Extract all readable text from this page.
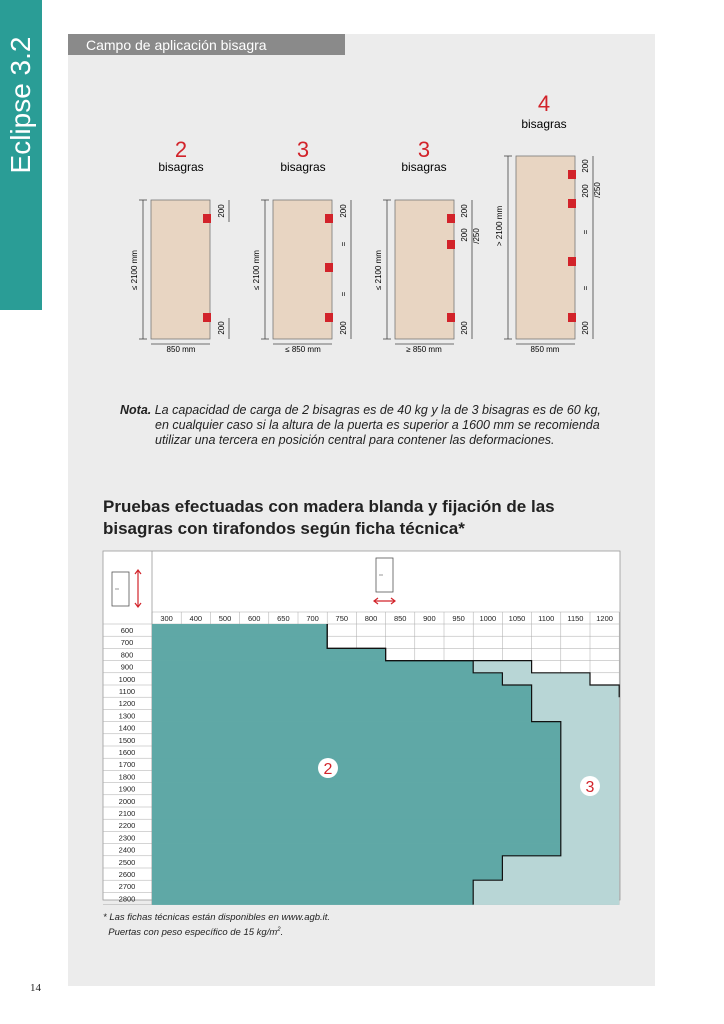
Eclipse 3.2	Campo de aplicación bisagra
2
bisagras
≤ 2100 mm
850 mm
200
200
3
bisagras
≤ 2100 mm
≤ 850 mm
200
=
=
200
3
bisagras
≤ 2100 mm
≥ 850 mm
200
200 /250
200
4
bisagras
> 2100 mm
850 mm
200
200 /250
=
=
200
Nota. La capacidad de carga de 2 bisagras es de 40 kg y la de 3 bisagras es de 60 kg,
en cualquier caso si la altura de la puerta es superior a 1600 mm se recomienda
utilizar una tercera en posición central para contener las deformaciones.
Pruebas efectuadas con madera blanda y fijación de las
bisagras con tirafondos según ficha técnica*
300 400 500 600 650 700 750 800 850 900 950 1000 1050 1100 1150 1200
600
700
800
900
1000
1100
1200
1300
1400
1500
1600
1700
1800
1900
2000
2100
2200
2300
2400
2500
2600
2700
2800
2
3
* Las fichas técnicas están disponibles en www.agb.it.
Puertas con peso específico de 15 $kg/m^2$.
14
